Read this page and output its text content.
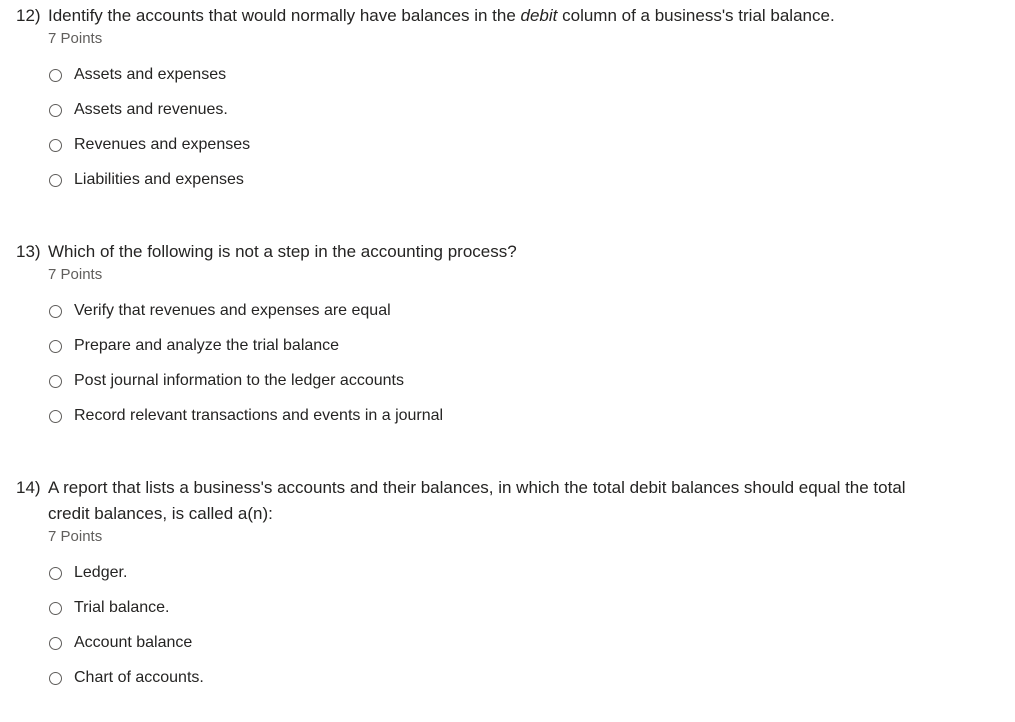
12) Identify the accounts that would normally have balances in the debit column of a business's trial balance.
7 Points
Assets and expenses
Assets and revenues.
Revenues and expenses
Liabilities and expenses
13) Which of the following is not a step in the accounting process?
7 Points
Verify that revenues and expenses are equal
Prepare and analyze the trial balance
Post journal information to the ledger accounts
Record relevant transactions and events in a journal
14) A report that lists a business's accounts and their balances, in which the total debit balances should equal the total credit balances, is called a(n):
7 Points
Ledger.
Trial balance.
Account balance
Chart of accounts.
